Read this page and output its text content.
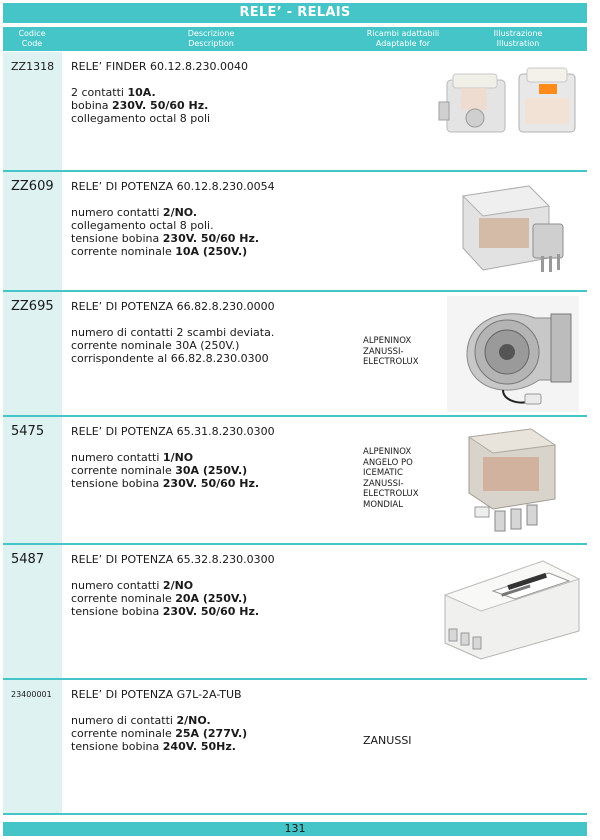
RELE’ - RELAIS
Codice
Code
Descrizione
Description
Ricambi adattabili
Adaptable for
Illustrazione
Illustration
ZZ1318 RELE’ FINDER 60.12.8.230.0040
2 contatti 10A.
bobina 230V. 50/60 Hz.
collegamento octal 8 poli
ZZ609 RELE’ DI POTENZA 60.12.8.230.0054
numero contatti 2/NO.
collegamento octal 8 poli.
tensione bobina 230V. 50/60 Hz.
corrente nominale 10A (250V.)
ZZ695 RELE’ DI POTENZA 66.82.8.230.0000
numero di contatti 2 scambi deviata.
corrente nominale 30A (250V.)
corrispondente al 66.82.8.230.0300
ALPENINOX
ZANUSSI-
ELECTROLUX
5475 RELE’ DI POTENZA 65.31.8.230.0300
numero contatti 1/NO
corrente nominale 30A (250V.)
tensione bobina 230V. 50/60 Hz.
ALPENINOX
ANGELO PO
ICEMATIC
ZANUSSI-
ELECTROLUX
MONDIAL
5487 RELE’ DI POTENZA 65.32.8.230.0300
numero contatti 2/NO
corrente nominale 20A (250V.)
tensione bobina 230V. 50/60 Hz.
23400001 RELE’ DI POTENZA G7L-2A-TUB
numero di contatti 2/NO.
corrente nominale 25A (277V.)
tensione bobina 240V. 50Hz.	ZANUSSI
131
